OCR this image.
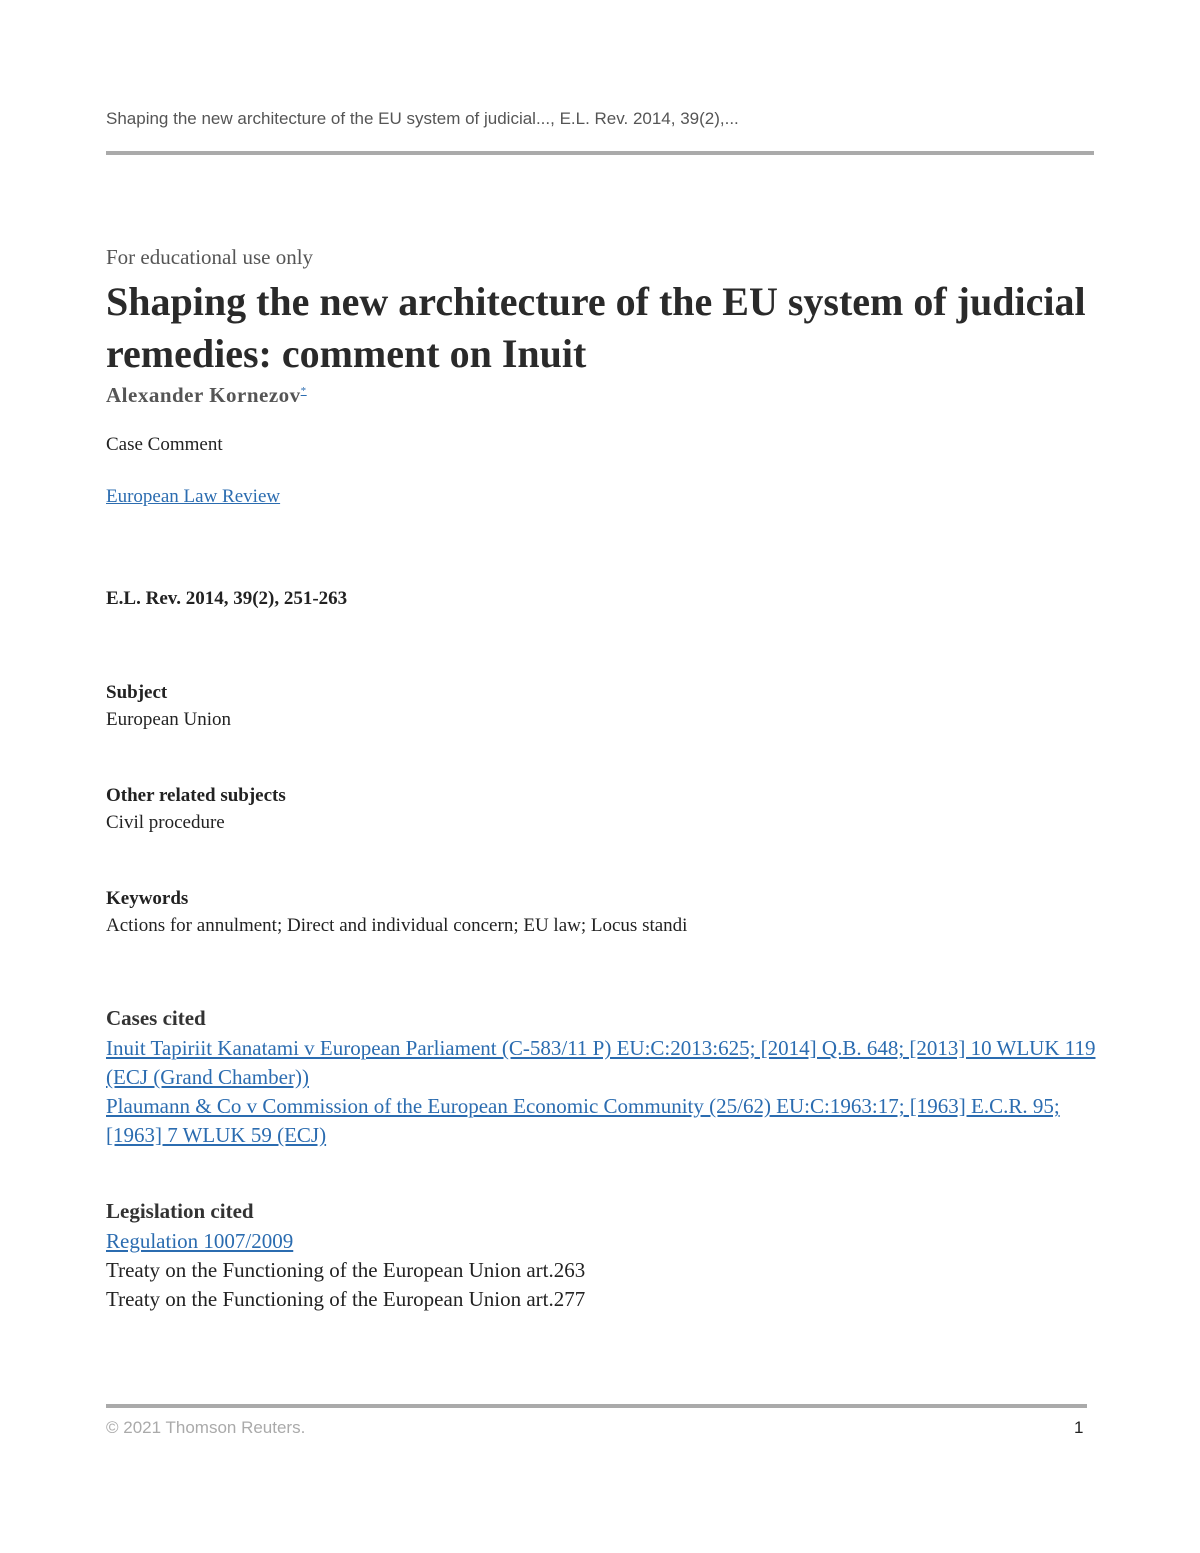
Shaping the new architecture of the EU system of judicial..., E.L. Rev. 2014, 39(2),...
For educational use only
Shaping the new architecture of the EU system of judicial remedies: comment on Inuit
Alexander Kornezov*
Case Comment
European Law Review
E.L. Rev. 2014, 39(2), 251-263
Subject
European Union
Other related subjects
Civil procedure
Keywords
Actions for annulment; Direct and individual concern; EU law; Locus standi
Cases cited
Inuit Tapiriit Kanatami v European Parliament (C-583/11 P) EU:C:2013:625; [2014] Q.B. 648; [2013] 10 WLUK 119 (ECJ (Grand Chamber))
Plaumann & Co v Commission of the European Economic Community (25/62) EU:C:1963:17; [1963] E.C.R. 95; [1963] 7 WLUK 59 (ECJ)
Legislation cited
Regulation 1007/2009
Treaty on the Functioning of the European Union art.263
Treaty on the Functioning of the European Union art.277
© 2021 Thomson Reuters.	1
